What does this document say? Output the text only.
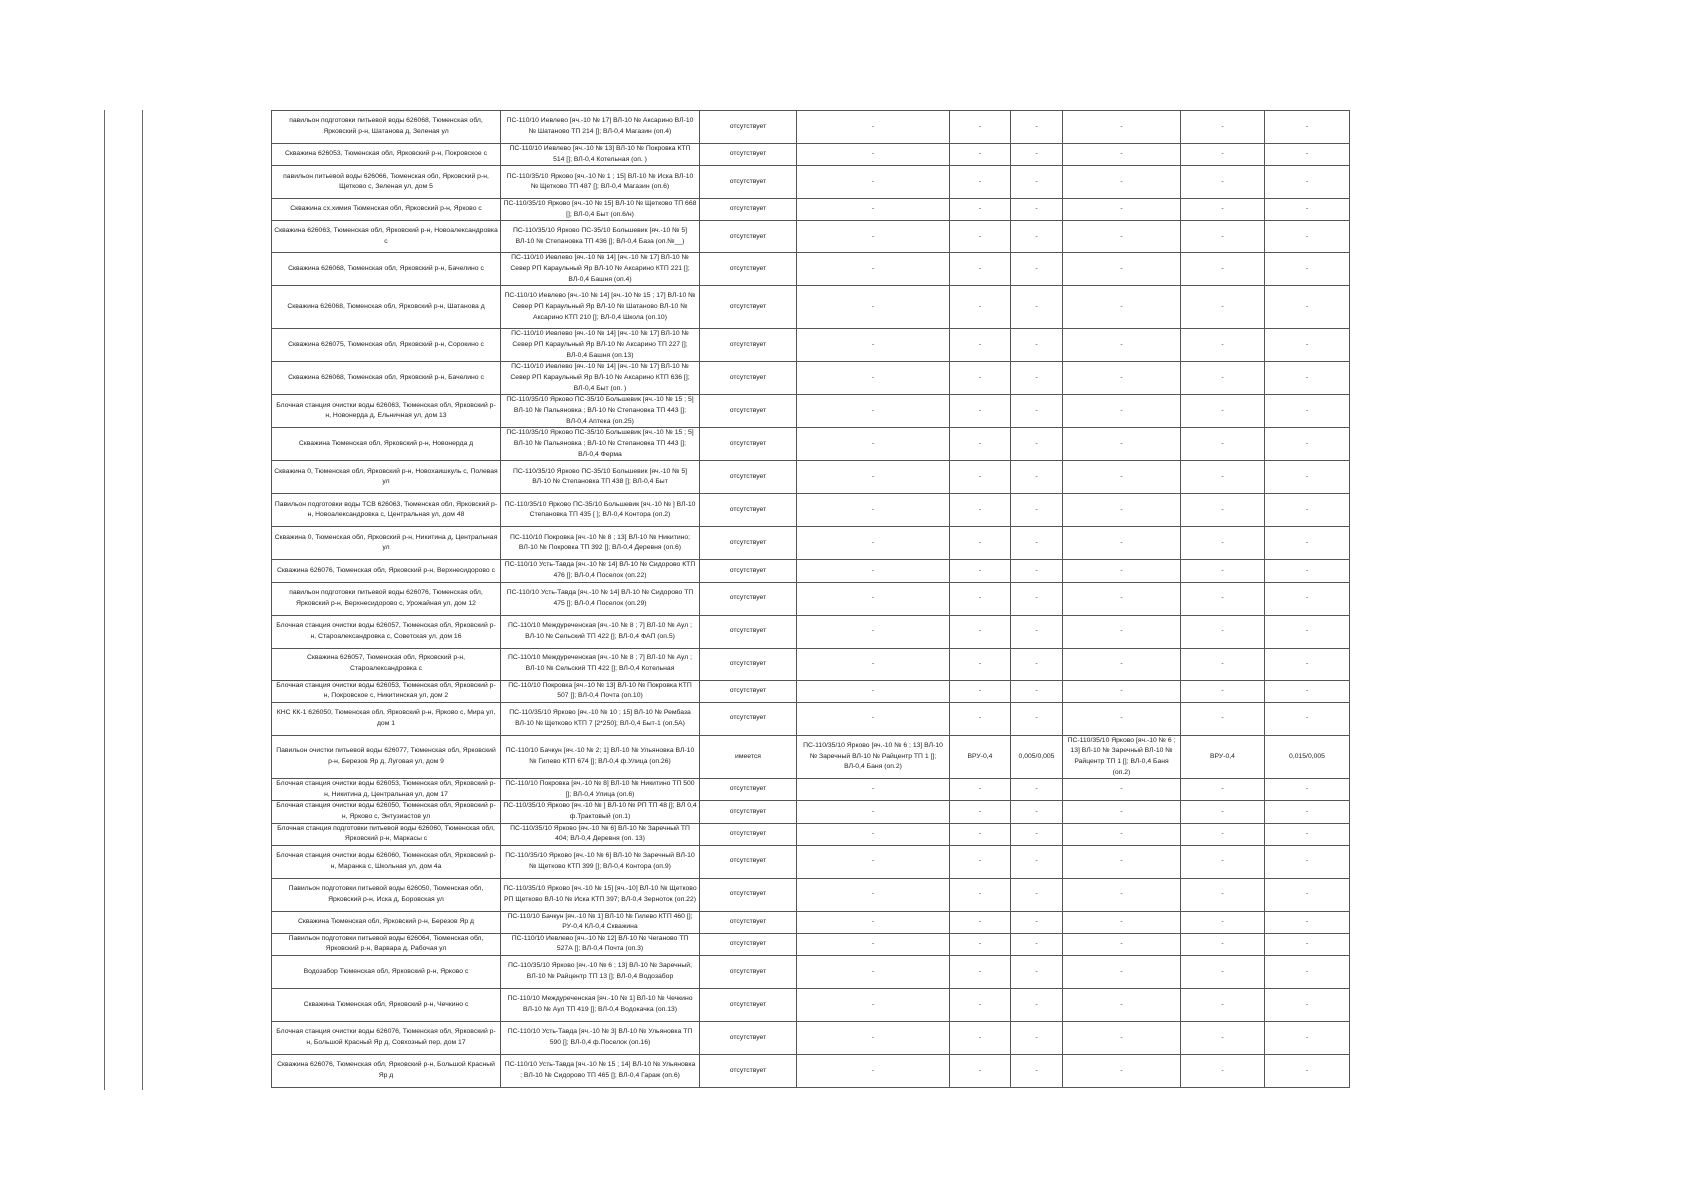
павильон подготовки питьевой воды 626068, Тюменская обл, Ярковский р-н, Шатанова д, Зеленая ул	ПС-110/10 Иевлево [яч.-10 № 17] ВЛ-10 № Аксарино ВЛ-10 № Шатаново ТП 214 []; ВЛ-0,4 Магазин (оп.4)	отсутствует	-	-	-	-	-	-
Скважина 626053, Тюменская обл, Ярковский р-н, Покровское с	ПС-110/10 Иевлево [яч.-10 № 13] ВЛ-10 № Покровка КТП 514 []; ВЛ-0,4 Котельная (оп. )	отсутствует	-	-	-	-	-	-
павильон питьевой воды 626066, Тюменская обл, Ярковский р-н, Щетково с, Зеленая ул, дом 5	ПС-110/35/10 Ярково [яч.-10 № 1 ; 15] ВЛ-10 № Иска ВЛ-10 № Щетково ТП 487 []; ВЛ-0,4 Магазин (оп.6)	отсутствует	-	-	-	-	-	-
Скважина сх.химия Тюменская обл, Ярковский р-н, Ярково с	ПС-110/35/10 Ярково [яч.-10 № 15] ВЛ-10 № Щетково ТП 668 []; ВЛ-0,4 Быт (оп.6/н)	отсутствует	-	-	-	-	-	-
Скважина 626063, Тюменская обл, Ярковский р-н, Новоалександровка с	ПС-110/35/10 Ярково ПС-35/10 Большевик [яч.-10 № 5] ВЛ-10 № Степановка ТП 436 []; ВЛ-0,4 База (оп.№__)	отсутствует	-	-	-	-	-	-
Скважина 626068, Тюменская обл, Ярковский р-н, Бачелино с	ПС-110/10 Иевлево [яч.-10 № 14] [яч.-10 № 17] ВЛ-10 № Север РП Караульный Яр ВЛ-10 № Аксарино КТП 221 []; ВЛ-0,4 Башня (оп.4)	отсутствует	-	-	-	-	-	-
Скважина 626068, Тюменская обл, Ярковский р-н, Шатанова д	ПС-110/10 Иевлево [яч.-10 № 14] [яч.-10 № 15 ; 17] ВЛ-10 № Север РП Караульный Яр ВЛ-10 № Шатаново ВЛ-10 № Аксарино КТП 210 []; ВЛ-0,4 Школа (оп.10)	отсутствует	-	-	-	-	-	-
Скважина 626075, Тюменская обл, Ярковский р-н, Сорокино с	ПС-110/10 Иевлево [яч.-10 № 14] [яч.-10 № 17] ВЛ-10 № Север РП Караульный Яр ВЛ-10 № Аксарино ТП 227 []; ВЛ-0,4 Башня (оп.13)	отсутствует	-	-	-	-	-	-
Скважина 626068, Тюменская обл, Ярковский р-н, Бачелино с	ПС-110/10 Иевлево [яч.-10 № 14] [яч.-10 № 17] ВЛ-10 № Север РП Караульный Яр ВЛ-10 № Аксарино КТП 636 []; ВЛ-0,4 Быт (оп. )	отсутствует	-	-	-	-	-	-
Блочная станция очистки воды 626063, Тюменская обл, Ярковский р-н, Новонерда д, Ельничная ул, дом 13	ПС-110/35/10 Ярково ПС-35/10 Большевик [яч.-10 № 15 ; 5] ВЛ-10 № Пальяновка ; ВЛ-10 № Степановка ТП 443 []; ВЛ-0,4 Аптека (оп.25)	отсутствует	-	-	-	-	-	-
Скважина Тюменская обл, Ярковский р-н, Новонерда д	ПС-110/35/10 Ярково ПС-35/10 Большевик [яч.-10 № 15 ; 5] ВЛ-10 № Пальяновка ; ВЛ-10 № Степановка ТП 443 []; ВЛ-0,4 Ферма	отсутствует	-	-	-	-	-	-
Скважина 0, Тюменская обл, Ярковский р-н, Новохаишкуль с, Полевая ул	ПС-110/35/10 Ярково ПС-35/10 Большевик [яч.-10 № 5] ВЛ-10 № Степановка ТП 438 []; ВЛ-0,4 Быт	отсутствует	-	-	-	-	-	-
Павильон подготовки воды ТСВ 626063, Тюменская обл, Ярковский р-н, Новоалександровка с, Центральная ул, дом 48	ПС-110/35/10 Ярково ПС-35/10 Большевик [яч.-10 № ] ВЛ-10 Степановка ТП 435 [ ]; ВЛ-0,4 Контора (оп.2)	отсутствует	-	-	-	-	-	-
Скважина 0, Тюменская обл, Ярковский р-н, Никитина д, Центральная ул	ПС-110/10 Покровка [яч.-10 № 8 ; 13] ВЛ-10 № Никитино; ВЛ-10 № Покровка ТП 392 []; ВЛ-0,4 Деревня (оп.6)	отсутствует	-	-	-	-	-	-
Скважина 626076, Тюменская обл, Ярковский р-н, Верхнесидорово с	ПС-110/10 Усть-Тавда [яч.-10 № 14] ВЛ-10 № Сидорово КТП 476 []; ВЛ-0,4 Поселок (оп.22)	отсутствует	-	-	-	-	-	-
павильон подготовки питьевой воды 626076, Тюменская обл, Ярковский р-н, Верхнесидорово с, Урожайная ул, дом 12	ПС-110/10 Усть-Тавда [яч.-10 № 14] ВЛ-10 № Сидорово ТП 475 []; ВЛ-0,4 Поселок (оп.29)	отсутствует	-	-	-	-	-	-
Блочная станция очистки воды 626057, Тюменская обл, Ярковский р-н, Староалександровка с, Советская ул, дом 16	ПС-110/10 Междуреченская [яч.-10 № 8 ; 7] ВЛ-10 № Аул ; ВЛ-10 № Сельский ТП 422 []; ВЛ-0,4 ФАП (оп.5)	отсутствует	-	-	-	-	-	-
Скважина 626057, Тюменская обл, Ярковский р-н, Староалександровка с	ПС-110/10 Междуреченская [яч.-10 № 8 ; 7] ВЛ-10 № Аул ; ВЛ-10 № Сельский ТП 422 []; ВЛ-0,4 Котельная	отсутствует	-	-	-	-	-	-
Блочная станция очистки воды 626053, Тюменская обл, Ярковский р-н, Покровское с, Никитинская ул, дом 2	ПС-110/10 Покровка [яч.-10 № 13] ВЛ-10 № Покровка КТП 507 []; ВЛ-0,4 Почта (оп.10)	отсутствует	-	-	-	-	-	-
КНС КК-1 626050, Тюменская обл, Ярковский р-н, Ярково с, Мира ул, дом 1	ПС-110/35/10 Ярково [яч.-10 № 10 ; 15] ВЛ-10 № Рембаза ВЛ-10 № Щетково КТП 7 [2*250]; ВЛ-0,4 Быт-1 (оп.5А)	отсутствует	-	-	-	-	-	-
Павильон очистки питьевой воды 626077, Тюменская обл, Ярковский р-н, Березов Яр д, Луговая ул, дом 9	ПС-110/10 Бачкун [яч.-10 № 2; 1] ВЛ-10 № Ульяновка ВЛ-10 № Гилево КТП 674 []; ВЛ-0,4 ф.Улица (оп.26)	имеется	ПС-110/35/10 Ярково [яч.-10 № 6 ; 13] ВЛ-10 № Заречный ВЛ-10 № Райцентр ТП 1 []; ВЛ-0,4 Баня (оп.2)	ВРУ-0,4	0,005/0,005	ПС-110/35/10 Ярково [яч.-10 № 6 ; 13] ВЛ-10 № Заречный ВЛ-10 № Райцентр ТП 1 []; ВЛ-0,4 Баня (оп.2)	ВРУ-0,4	0,015/0,005
Блочная станция очистки воды 626053, Тюменская обл, Ярковский р-н, Никитина д, Центральная ул, дом 17	ПС-110/10 Покровка [яч.-10 № 8] ВЛ-10 № Никитино ТП 500 []; ВЛ-0,4 Улица (оп.6)	отсутствует	-	-	-	-	-	-
Блочная станция очистки воды 626050, Тюменская обл, Ярковский р-н, Ярково с, Энтузиастов ул	ПС-110/35/10 Ярково [яч.-10 № ] ВЛ-10 № РП ТП 48 []; ВЛ 0,4 ф.Трактовый (оп.1)	отсутствует	-	-	-	-	-	-
Блочная станция подготовки питьевой воды 626060, Тюменская обл, Ярковский р-н, Маркасы с	ПС-110/35/10 Ярково [яч.-10 № 6] ВЛ-10 № Заречный ТП 404; ВЛ-0,4 Деревня (оп. 13)	отсутствует	-	-	-	-	-	-
Блочная станция очистки воды 626060, Тюменская обл, Ярковский р-н, Маранка с, Школьная ул, дом 4а	ПС-110/35/10 Ярково [яч.-10 № 6] ВЛ-10 № Заречный ВЛ-10 № Щетково КТП 399 []; ВЛ-0,4 Контора (оп.9)	отсутствует	-	-	-	-	-	-
Павильон подготовки питьевой воды 626050, Тюменская обл, Ярковский р-н, Иска д, Боровская ул	ПС-110/35/10 Ярково [яч.-10 № 15] [яч.-10] ВЛ-10 № Щетково РП Щетково ВЛ-10 № Иска КТП 397; ВЛ-0,4 Зерноток (оп.22)	отсутствует	-	-	-	-	-	-
Скважина Тюменская обл, Ярковский р-н, Березов Яр д	ПС-110/10 Бачкун [яч.-10 № 1] ВЛ-10 № Гилево КТП 460 []; РУ-0,4 КЛ-0,4 Скважина	отсутствует	-	-	-	-	-	-
Павильон подготовки питьевой воды 626064, Тюменская обл, Ярковский р-н, Варвара д, Рабочая ул	ПС-110/10 Иевлево [яч.-10 № 12] ВЛ-10 № Чеганово ТП 527А []; ВЛ-0,4 Почта (оп.3)	отсутствует	-	-	-	-	-	-
Водозабор Тюменская обл, Ярковский р-н, Ярково с	ПС-110/35/10 Ярково [яч.-10 № 6 ; 13] ВЛ-10 № Заречный; ВЛ-10 № Райцентр ТП 13 []; ВЛ-0,4 Водозабор	отсутствует	-	-	-	-	-	-
Скважина Тюменская обл, Ярковский р-н, Чечкино с	ПС-110/10 Междуреченская [яч.-10 № 1] ВЛ-10 № Чечкино ВЛ-10 № Аул ТП 419 []; ВЛ-0,4 Водокачка (оп.13)	отсутствует	-	-	-	-	-	-
Блочная станция очистки воды 626076, Тюменская обл, Ярковский р-н, Большой Красный Яр д, Совхозный пер, дом 17	ПС-110/10 Усть-Тавда [яч.-10 № 3] ВЛ-10 № Ульяновка ТП 590 []; ВЛ-0,4 ф.Поселок (оп.16)	отсутствует	-	-	-	-	-	-
Скважина 626076, Тюменская обл, Ярковский р-н, Большой Красный Яр д	ПС-110/10 Усть-Тавда [яч.-10 № 15 ; 14] ВЛ-10 № Ульяновка ; ВЛ-10 № Сидорово ТП 465 []; ВЛ-0,4 Гараж (оп.6)	отсутствует	-	-	-	-	-	-
